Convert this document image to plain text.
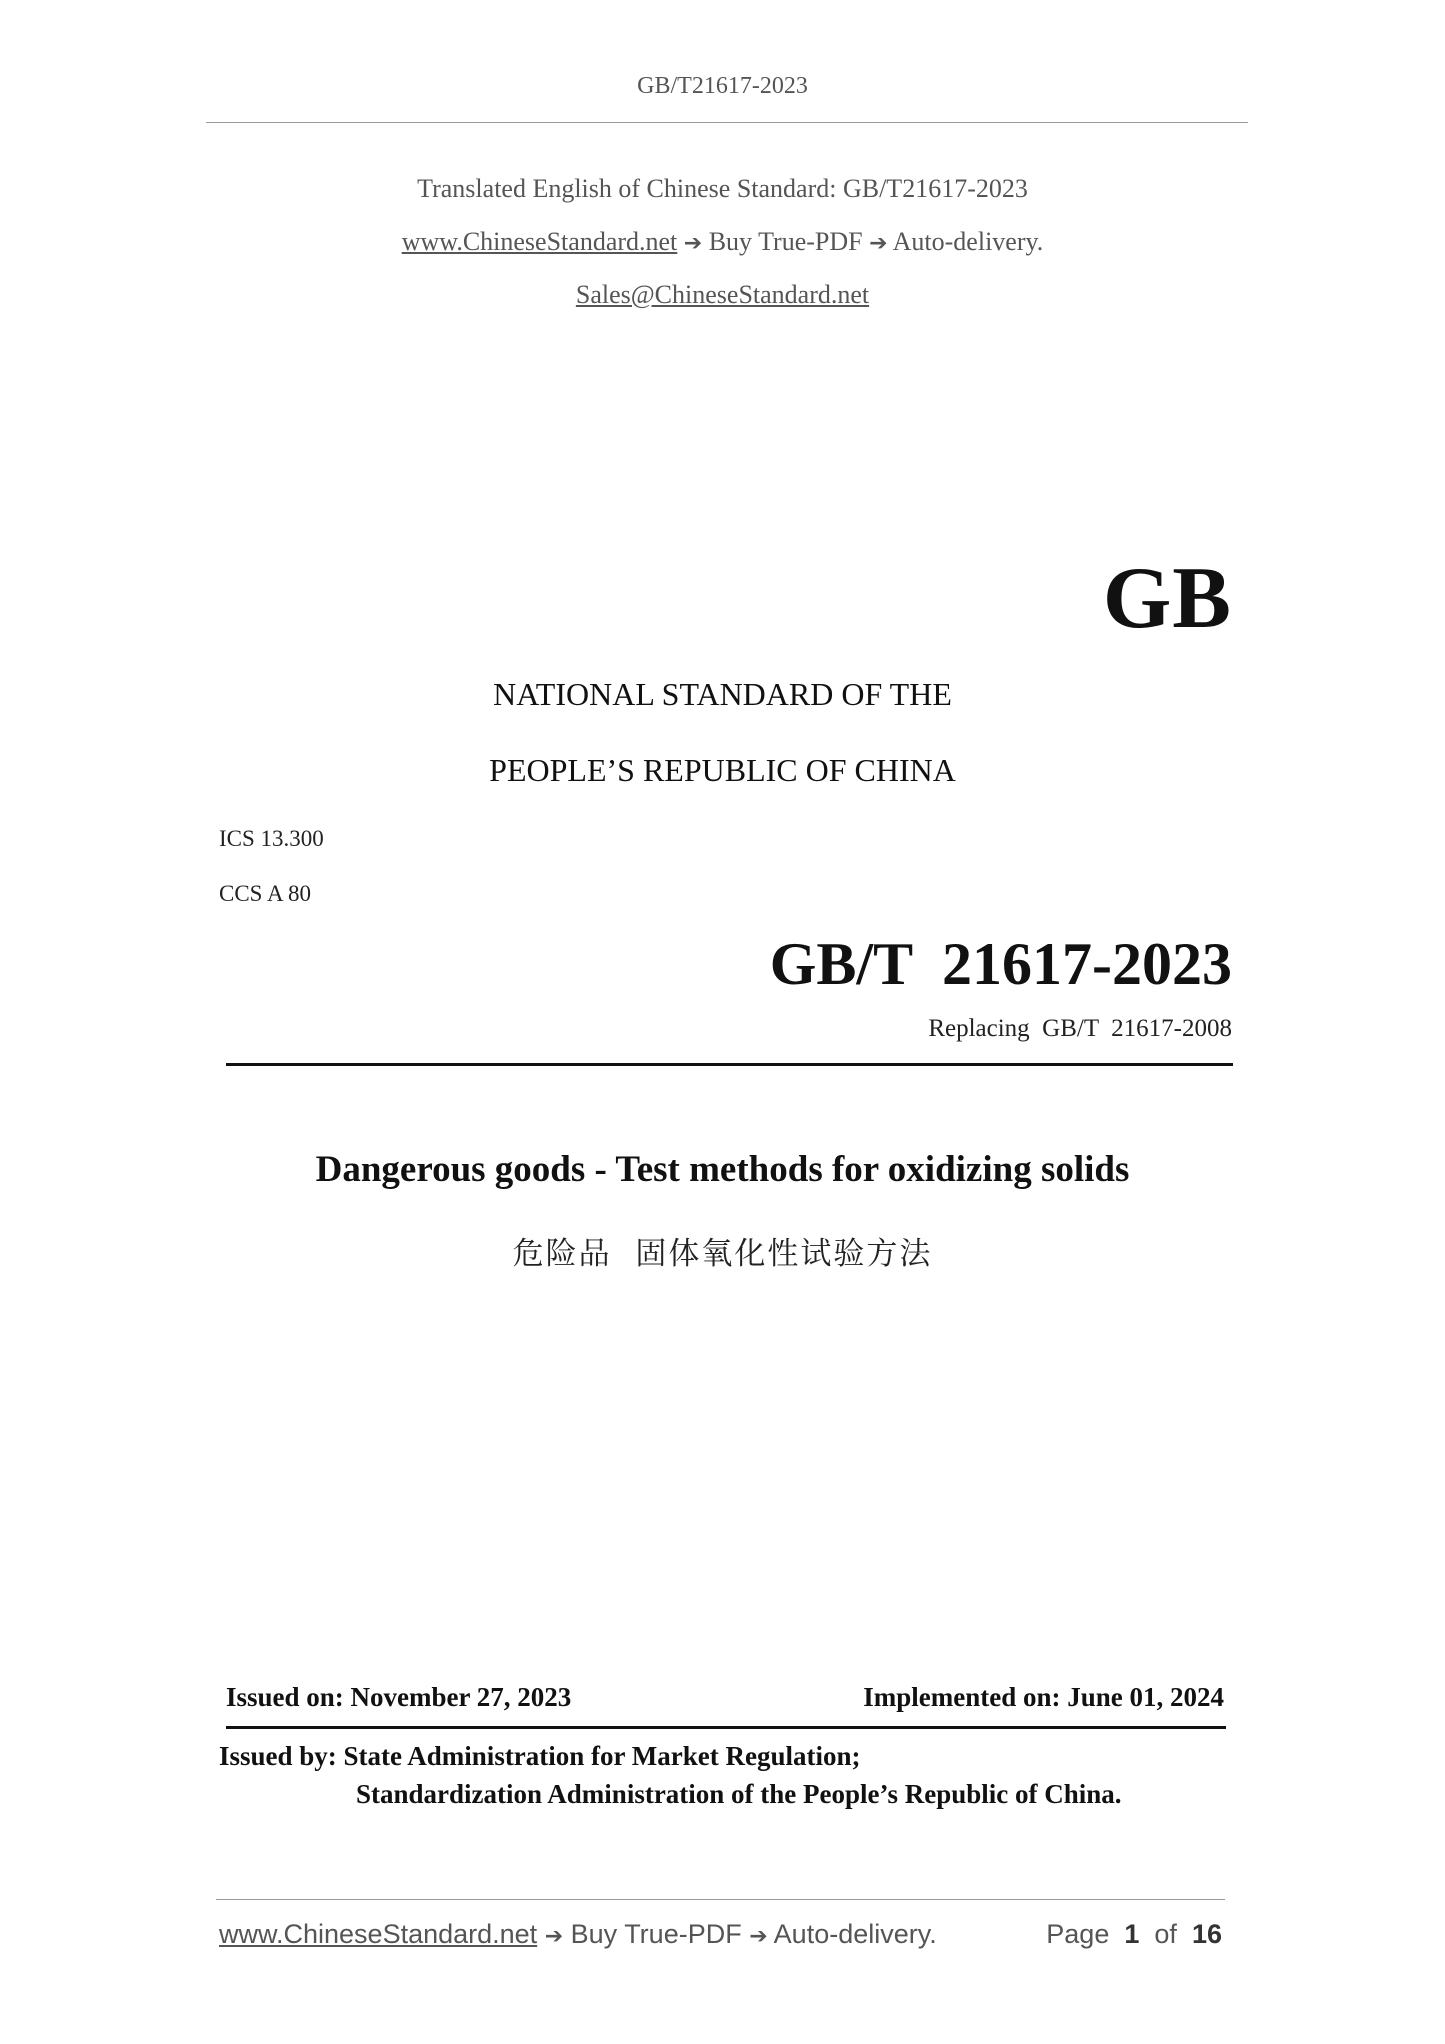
GB/T21617-2023
Translated English of Chinese Standard: GB/T21617-2023
www.ChineseStandard.net ➔ Buy True-PDF ➔ Auto-delivery.
Sales@ChineseStandard.net
GB
NATIONAL STANDARD OF THE
PEOPLE’S REPUBLIC OF CHINA
ICS 13.300
CCS A 80
GB/T  21617-2023
Replacing  GB/T  21617-2008
Dangerous goods - Test methods for oxidizing solids
危险品  固体氧化性试验方法
Issued on: November 27, 2023	Implemented on: June 01, 2024
Issued by: State Administration for Market Regulation;
Standardization Administration of the People’s Republic of China.
www.ChineseStandard.net ➔ Buy True-PDF ➔ Auto-delivery.	Page 1 of 16
